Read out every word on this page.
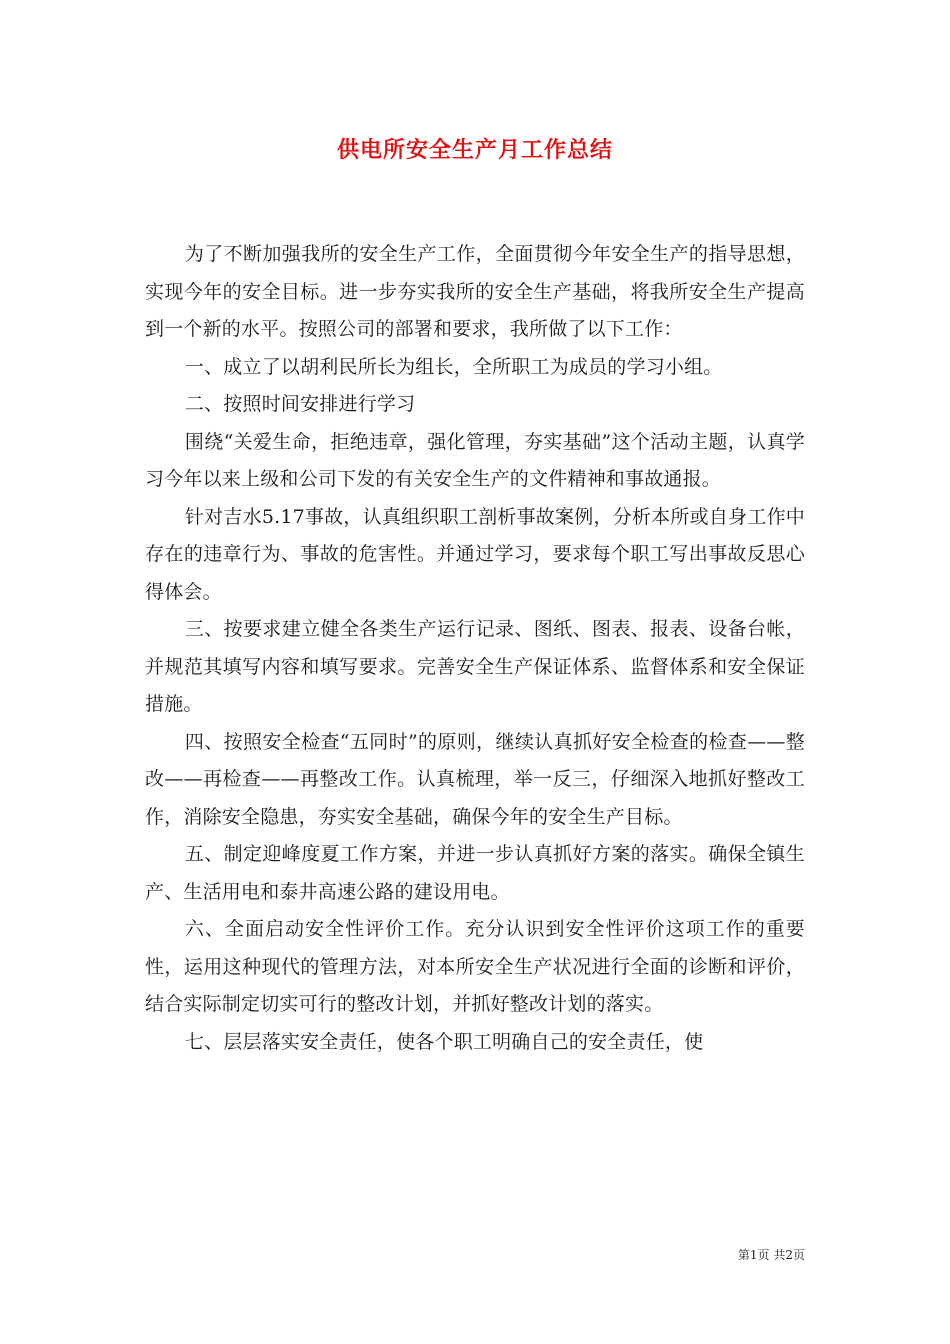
供电所安全生产月工作总结

为了不断加强我所的安全生产工作，全面贯彻今年安全生产的指导思想，实现今年的安全目标。进一步夯实我所的安全生产基础，将我所安全生产提高到一个新的水平。按照公司的部署和要求，我所做了以下工作：

一、成立了以胡利民所长为组长，全所职工为成员的学习小组。

二、按照时间安排进行学习

围绕“关爱生命，拒绝违章，强化管理，夯实基础”这个活动主题，认真学习今年以来上级和公司下发的有关安全生产的文件精神和事故通报。

针对吉水5.17事故，认真组织职工剖析事故案例，分析本所或自身工作中存在的违章行为、事故的危害性。并通过学习，要求每个职工写出事故反思心得体会。

三、按要求建立健全各类生产运行记录、图纸、图表、报表、设备台帐，并规范其填写内容和填写要求。完善安全生产保证体系、监督体系和安全保证措施。

四、按照安全检查“五同时”的原则，继续认真抓好安全检查的检查——整改——再检查——再整改工作。认真梳理，举一反三，仔细深入地抓好整改工作，消除安全隐患，夯实安全基础，确保今年的安全生产目标。

五、制定迎峰度夏工作方案，并进一步认真抓好方案的落实。确保全镇生产、生活用电和泰井高速公路的建设用电。

六、全面启动安全性评价工作。充分认识到安全性评价这项工作的重要性，运用这种现代的管理方法，对本所安全生产状况进行全面的诊断和评价，结合实际制定切实可行的整改计划，并抓好整改计划的落实。

七、层层落实安全责任，使各个职工明确自己的安全责任，使

第1页 共2页
